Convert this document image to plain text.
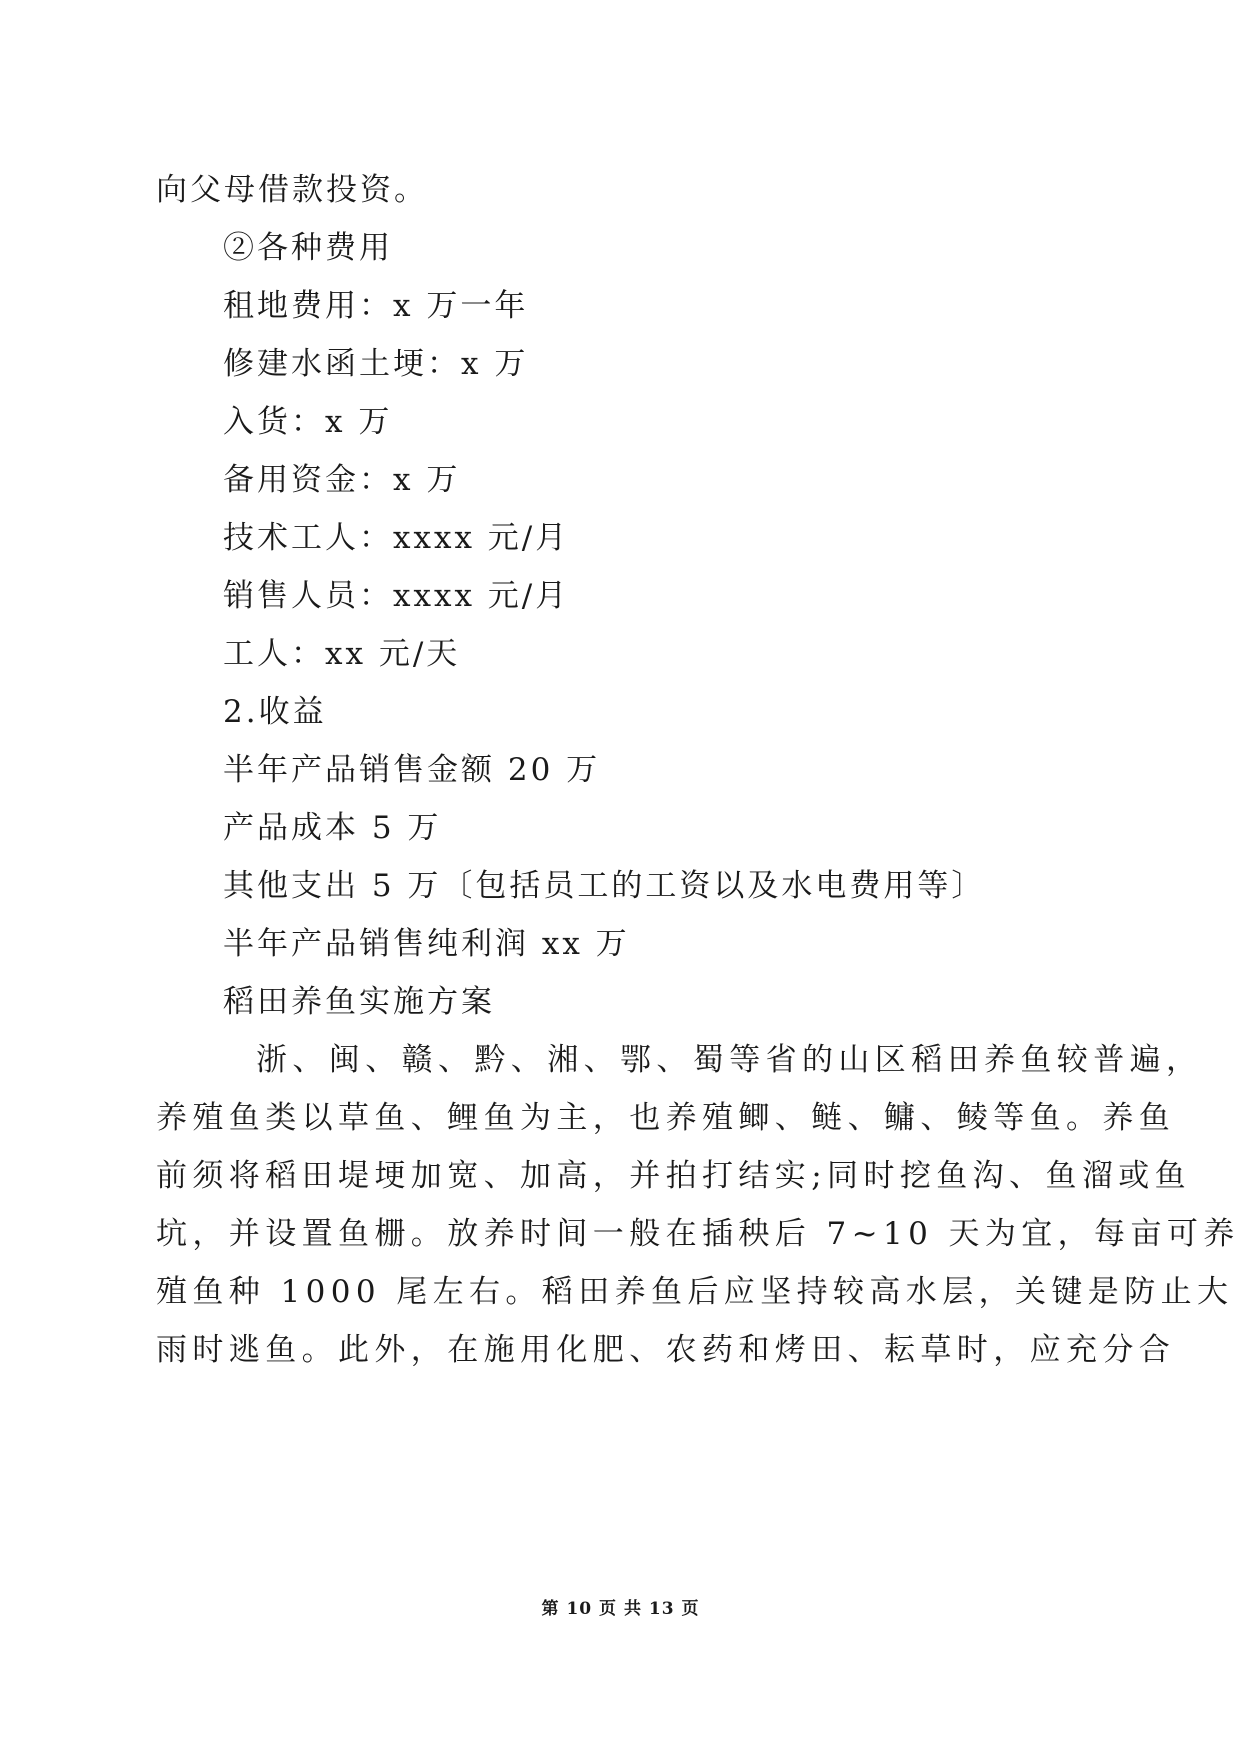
向父母借款投资。
②各种费用
租地费用：x 万一年
修建水函土埂：x 万
入货：x 万
备用资金：x 万
技术工人：xxxx 元/月
销售人员：xxxx 元/月
工人：xx 元/天
2.收益
半年产品销售金额 20 万
产品成本 5 万
其他支出 5 万〔包括员工的工资以及水电费用等〕
半年产品销售纯利润 xx 万
稻田养鱼实施方案
浙、闽、赣、黔、湘、鄂、蜀等省的山区稻田养鱼较普遍，
养殖鱼类以草鱼、鲤鱼为主，也养殖鲫、鲢、鳙、鲮等鱼。养鱼
前须将稻田堤埂加宽、加高，并拍打结实;同时挖鱼沟、鱼溜或鱼
坑，并设置鱼栅。放养时间一般在插秧后 7~10 天为宜，每亩可养
殖鱼种 1000 尾左右。稻田养鱼后应坚持较高水层，关键是防止大
雨时逃鱼。此外，在施用化肥、农药和烤田、耘草时，应充分合
第 10 页 共 13 页
